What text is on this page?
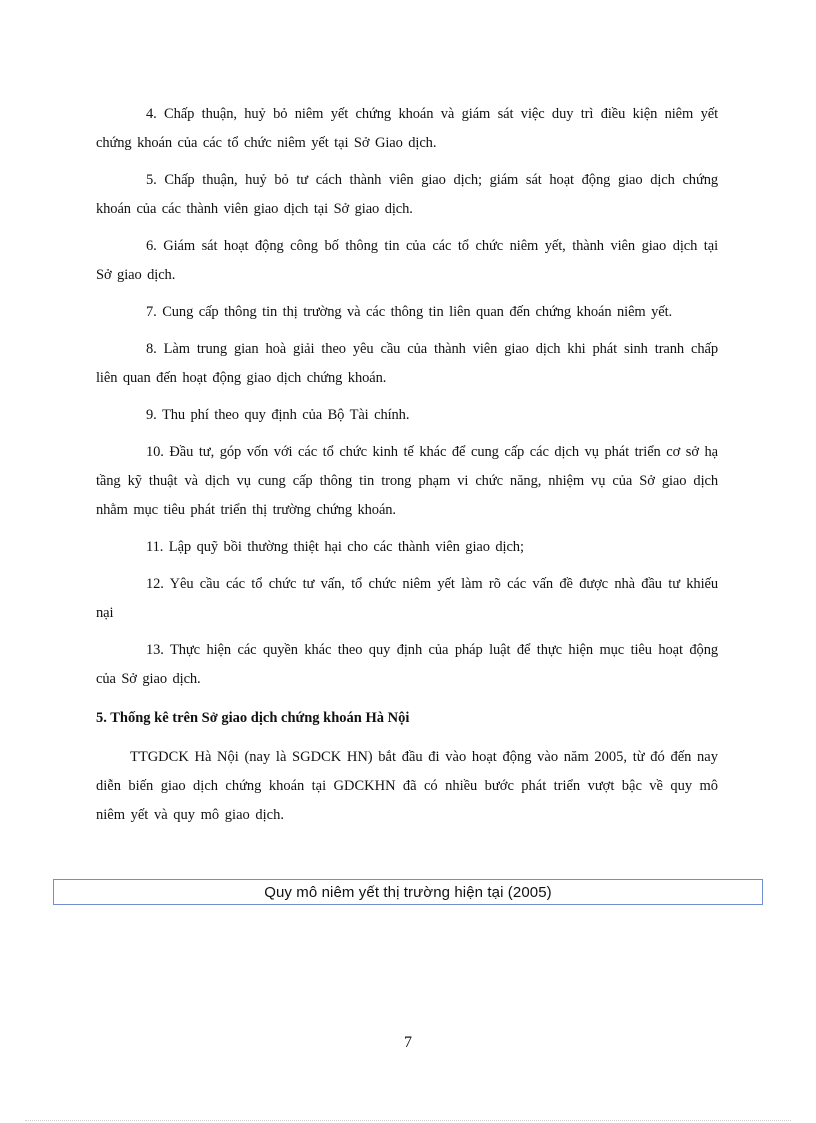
4. Chấp thuận, huỷ bỏ niêm yết chứng khoán và giám sát việc duy trì điều kiện niêm yết chứng khoán của các tổ chức niêm yết tại Sở Giao dịch.

5. Chấp thuận, huỷ bỏ tư cách thành viên giao dịch; giám sát hoạt động giao dịch chứng khoán của các thành viên giao dịch tại Sở giao dịch.

6. Giám sát hoạt động công bố thông tin của các tổ chức niêm yết, thành viên giao dịch tại Sở giao dịch.

7. Cung cấp thông tin thị trường và các thông tin liên quan đến chứng khoán niêm yết.

8. Làm trung gian hoà giải theo yêu cầu của thành viên giao dịch khi phát sinh tranh chấp liên quan đến hoạt động giao dịch chứng khoán.

9. Thu phí theo quy định của Bộ Tài chính.

10. Đầu tư, góp vốn với các tổ chức kinh tế khác để cung cấp các dịch vụ phát triển cơ sở hạ tầng kỹ thuật và dịch vụ cung cấp thông tin trong phạm vi chức năng, nhiệm vụ của Sở giao dịch nhằm mục tiêu phát triển thị trường chứng khoán.

11. Lập quỹ bồi thường thiệt hại cho các thành viên giao dịch;

12. Yêu cầu các tổ chức tư vấn, tổ chức niêm yết làm rõ các vấn đề được nhà đầu tư khiếu nại

13. Thực hiện các quyền khác theo quy định của pháp luật để thực hiện mục tiêu hoạt động của Sở giao dịch.

5. Thống kê trên Sở giao dịch chứng khoán Hà Nội

TTGDCK Hà Nội (nay là SGDCK HN) bắt đầu đi vào hoạt động vào năm 2005, từ đó đến nay diễn biến giao dịch chứng khoán tại GDCKHN đã có nhiều bước phát triển vượt bậc về quy mô niêm yết và quy mô giao dịch.

Quy mô niêm yết thị trường hiện tại (2005)
7
